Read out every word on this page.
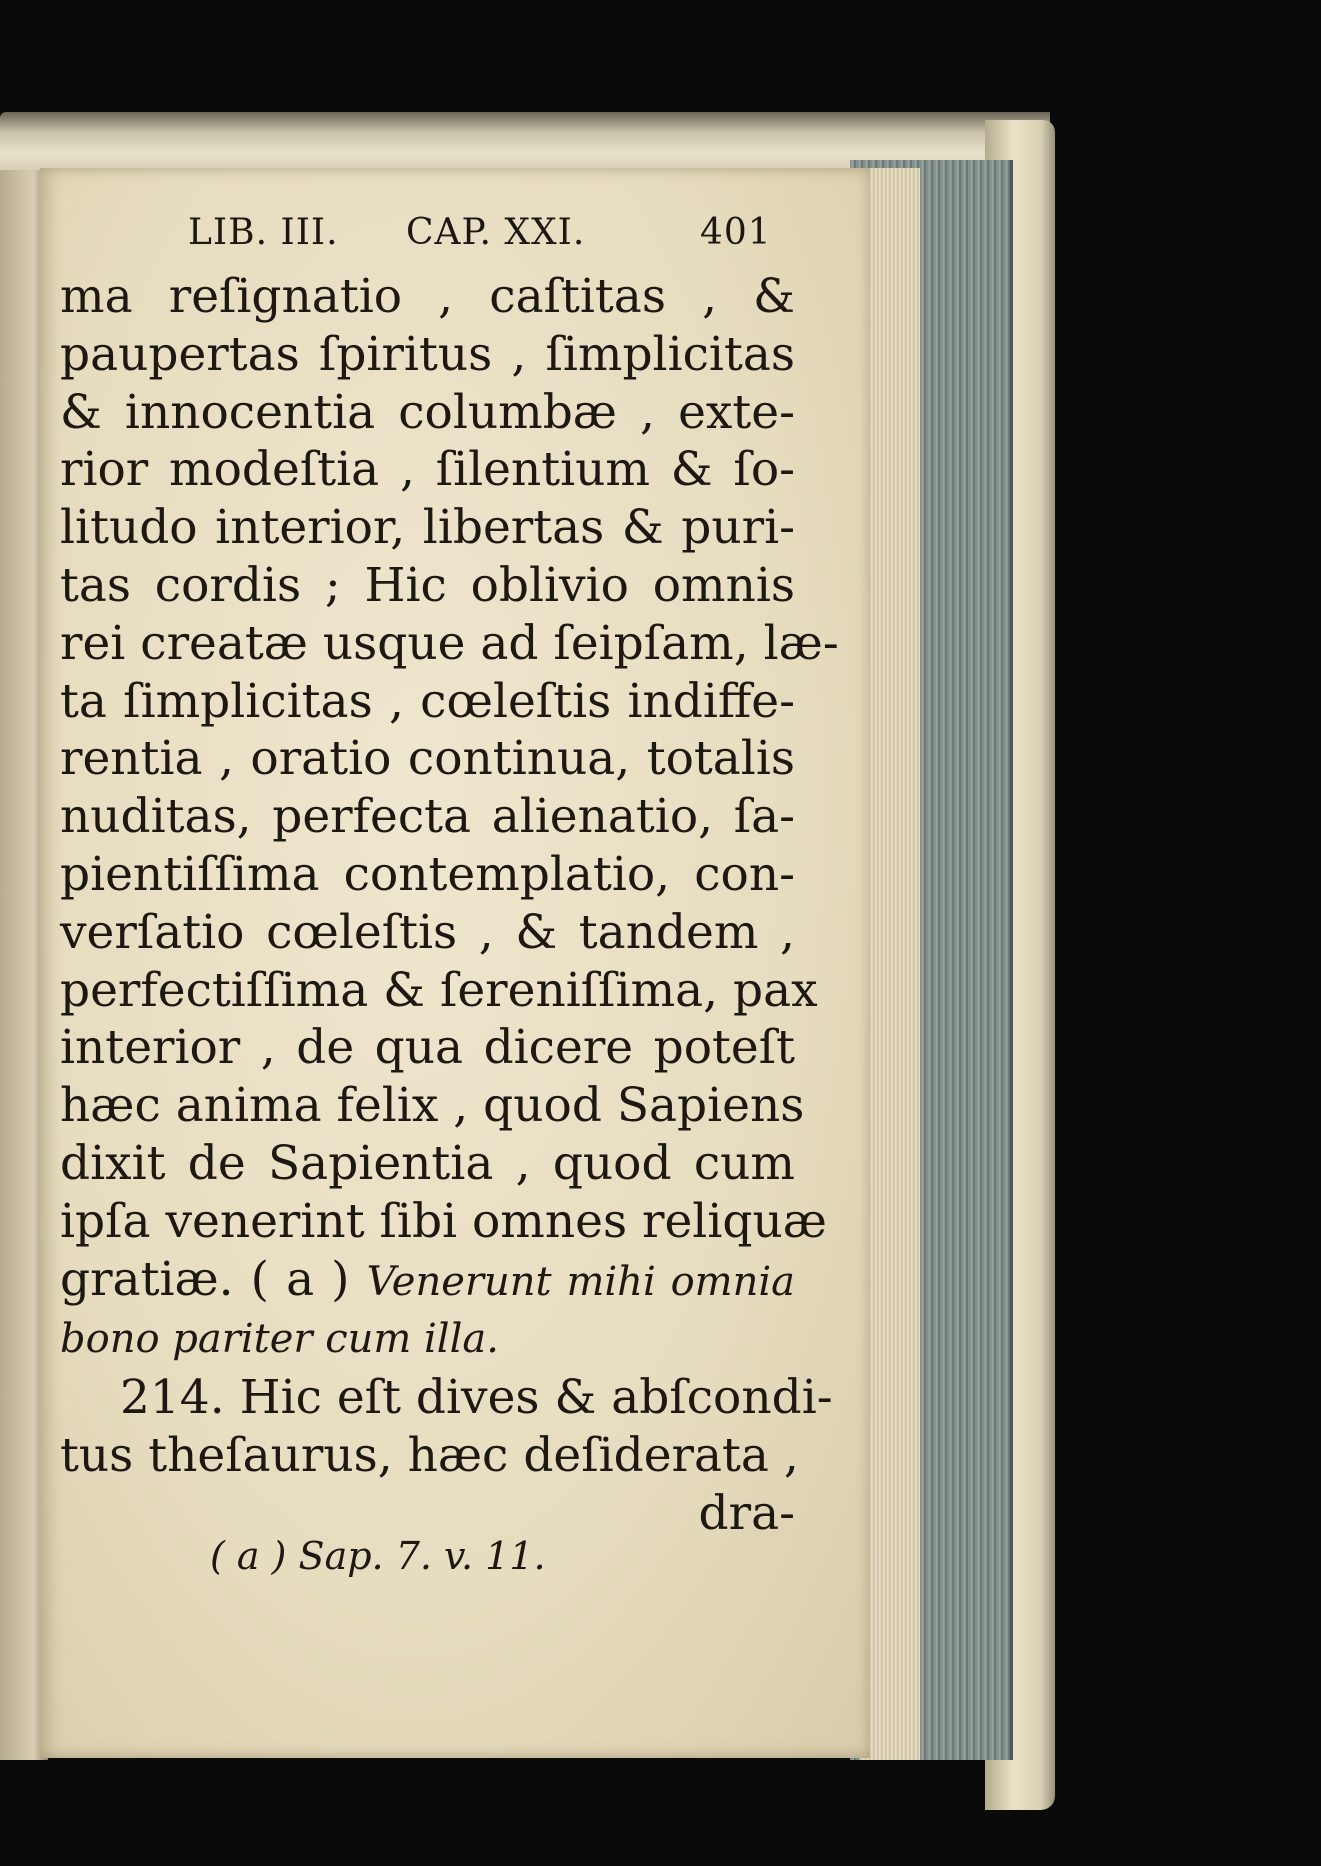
LIB. III. CAP. XXI.	401
ma reſignatio , caſtitas , &
paupertas ſpiritus , ſimplicitas
& innocentia columbæ , exte-
rior modeſtia , ſilentium & ſo-
litudo interior, libertas & puri-
tas cordis ; Hic oblivio omnis
rei creatæ usque ad ſeipſam, læ-
ta ſimplicitas , cœleſtis indiffe-
rentia , oratio continua, totalis
nuditas, perfecta alienatio, ſa-
pientiſſima contemplatio, con-
verſatio cœleſtis , & tandem ,
perfectiſſima & ſereniſſima, pax
interior , de qua dicere poteſt
hæc anima felix , quod Sapiens
dixit de Sapientia , quod cum
ipſa venerint ſibi omnes reliquæ
gratiæ. ( a ) Venerunt mihi omnia
bono pariter cum illa.
214. Hic eſt dives & abſcondi-
tus theſaurus, hæc deſiderata ,
dra-
( a ) Sap. 7. v. 11.
